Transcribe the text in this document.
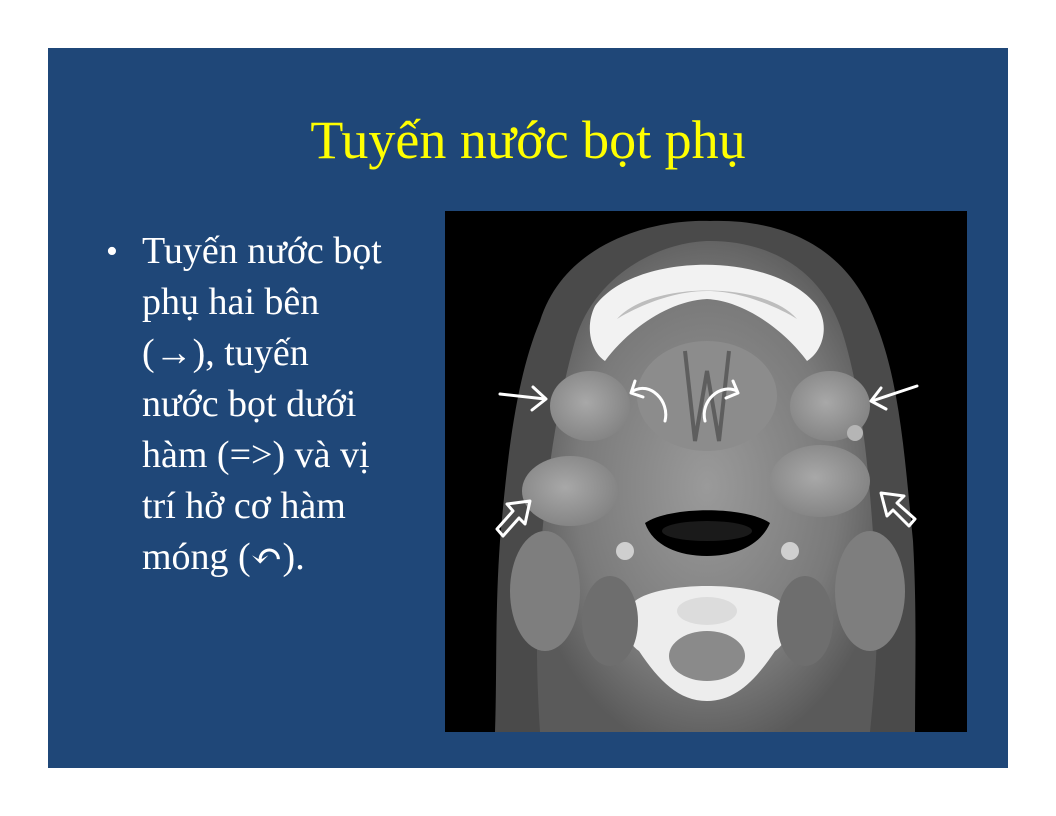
Tuyến nước bọt phụ
• Tuyến nước bọt
phụ hai bên
(→), tuyến
nước bọt dưới
hàm (=>) và vị
trí hở cơ hàm
móng (↶).
